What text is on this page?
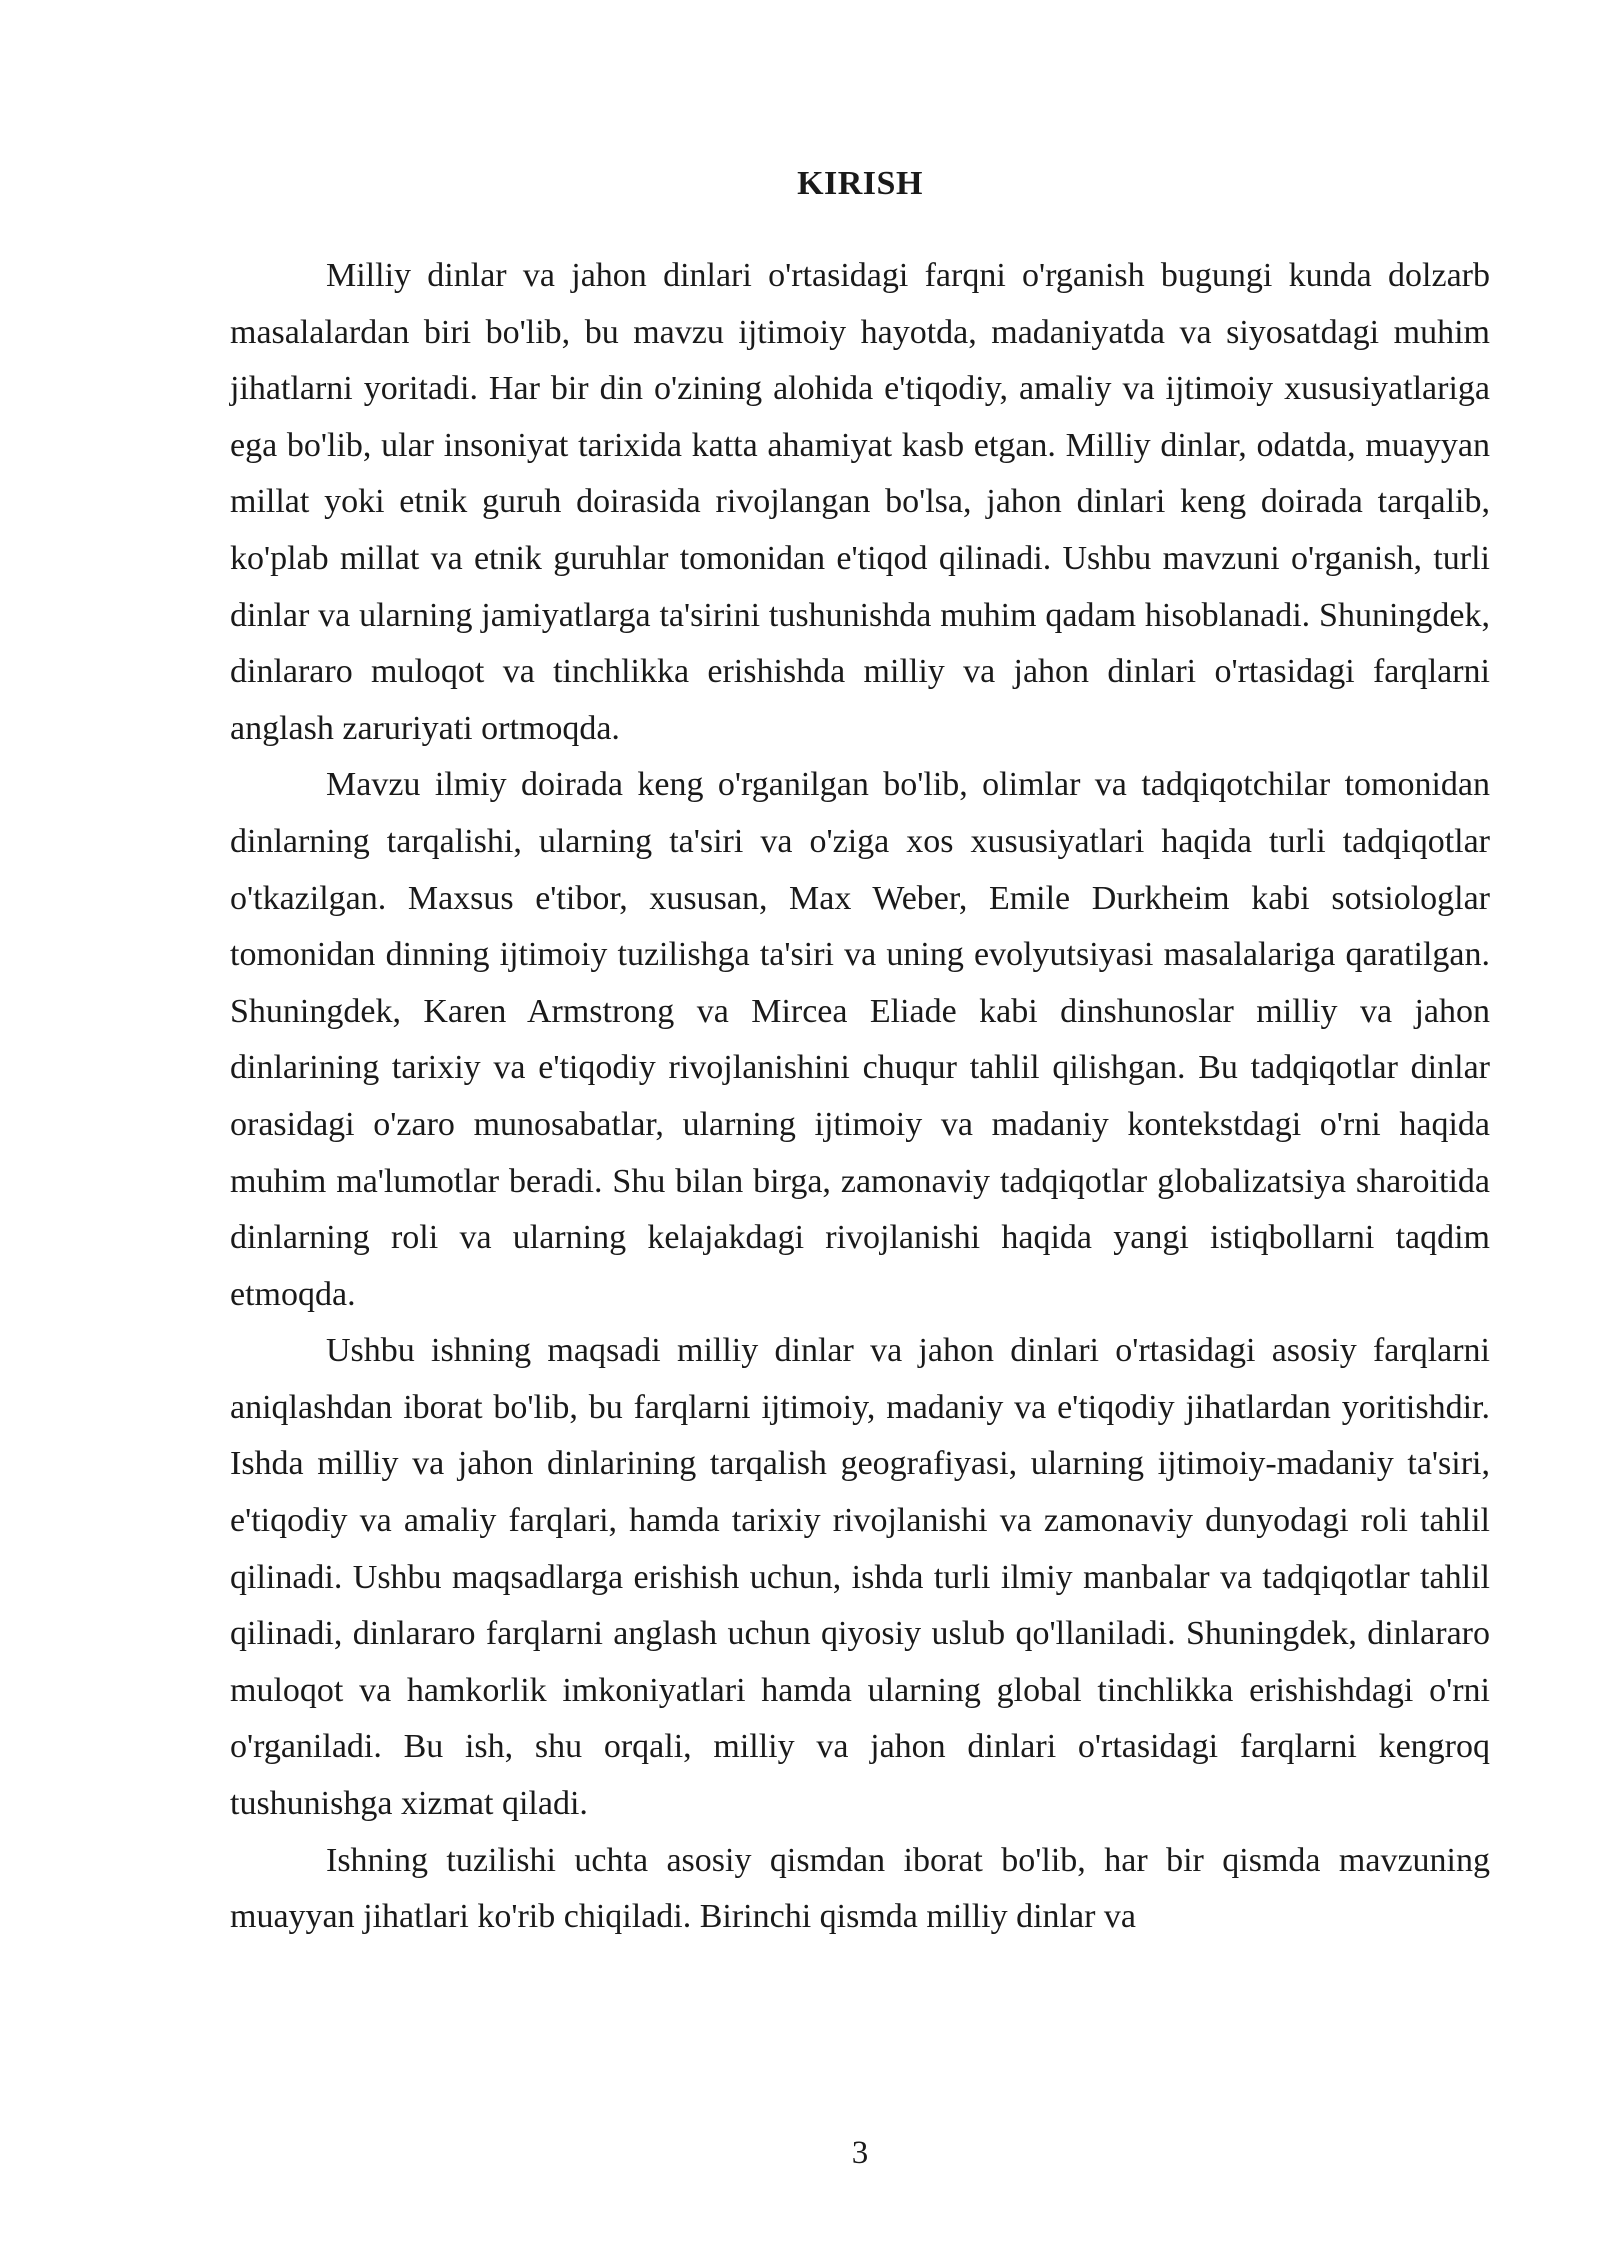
KIRISH

Milliy dinlar va jahon dinlari o'rtasidagi farqni o'rganish bugungi kunda dolzarb masalalardan biri bo'lib, bu mavzu ijtimoiy hayotda, madaniyatda va siyosatdagi muhim jihatlarni yoritadi. Har bir din o'zining alohida e'tiqodiy, amaliy va ijtimoiy xususiyatlariga ega bo'lib, ular insoniyat tarixida katta ahamiyat kasb etgan. Milliy dinlar, odatda, muayyan millat yoki etnik guruh doirasida rivojlangan bo'lsa, jahon dinlari keng doirada tarqalib, ko'plab millat va etnik guruhlar tomonidan e'tiqod qilinadi. Ushbu mavzuni o'rganish, turli dinlar va ularning jamiyatlarga ta'sirini tushunishda muhim qadam hisoblanadi. Shuningdek, dinlararo muloqot va tinchlikka erishishda milliy va jahon dinlari o'rtasidagi farqlarni anglash zaruriyati ortmoqda.

Mavzu ilmiy doirada keng o'rganilgan bo'lib, olimlar va tadqiqotchilar tomonidan dinlarning tarqalishi, ularning ta'siri va o'ziga xos xususiyatlari haqida turli tadqiqotlar o'tkazilgan. Maxsus e'tibor, xususan, Max Weber, Emile Durkheim kabi sotsiologlar tomonidan dinning ijtimoiy tuzilishga ta'siri va uning evolyutsiyasi masalalariga qaratilgan. Shuningdek, Karen Armstrong va Mircea Eliade kabi dinshunoslar milliy va jahon dinlarining tarixiy va e'tiqodiy rivojlanishini chuqur tahlil qilishgan. Bu tadqiqotlar dinlar orasidagi o'zaro munosabatlar, ularning ijtimoiy va madaniy kontekstdagi o'rni haqida muhim ma'lumotlar beradi. Shu bilan birga, zamonaviy tadqiqotlar globalizatsiya sharoitida dinlarning roli va ularning kelajakdagi rivojlanishi haqida yangi istiqbollarni taqdim etmoqda.

Ushbu ishning maqsadi milliy dinlar va jahon dinlari o'rtasidagi asosiy farqlarni aniqlashdan iborat bo'lib, bu farqlarni ijtimoiy, madaniy va e'tiqodiy jihatlardan yoritishdir. Ishda milliy va jahon dinlarining tarqalish geografiyasi, ularning ijtimoiy-madaniy ta'siri, e'tiqodiy va amaliy farqlari, hamda tarixiy rivojlanishi va zamonaviy dunyodagi roli tahlil qilinadi. Ushbu maqsadlarga erishish uchun, ishda turli ilmiy manbalar va tadqiqotlar tahlil qilinadi, dinlararo farqlarni anglash uchun qiyosiy uslub qo'llaniladi. Shuningdek, dinlararo muloqot va hamkorlik imkoniyatlari hamda ularning global tinchlikka erishishdagi o'rni o'rganiladi. Bu ish, shu orqali, milliy va jahon dinlari o'rtasidagi farqlarni kengroq tushunishga xizmat qiladi.

Ishning tuzilishi uchta asosiy qismdan iborat bo'lib, har bir qismda mavzuning muayyan jihatlari ko'rib chiqiladi. Birinchi qismda milliy dinlar va

3
